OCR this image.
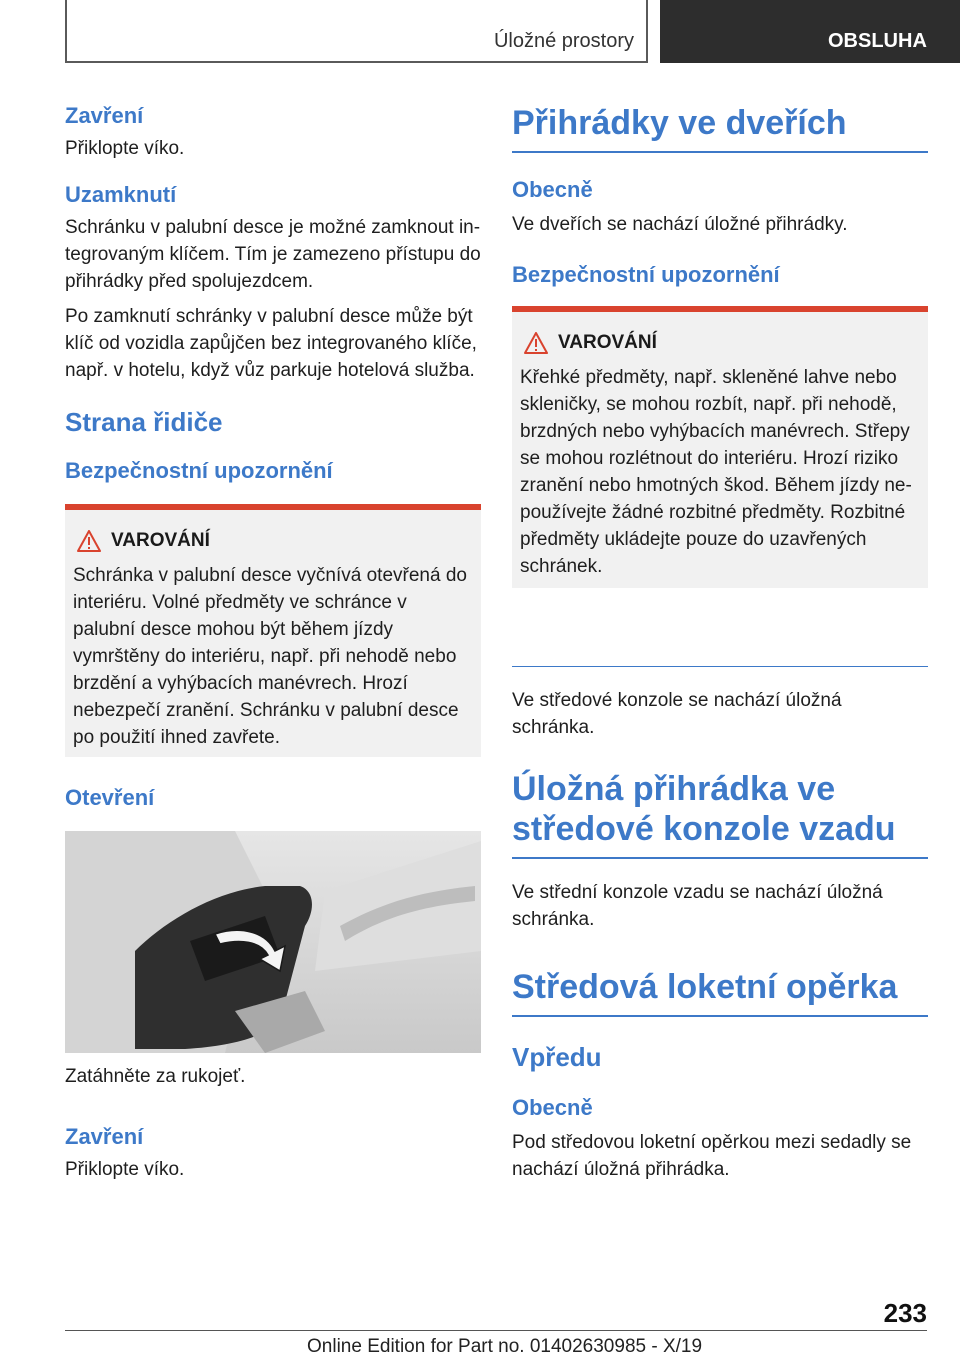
Úložné prostory	OBSLUHA
Zavření

Přiklopte víko.

Uzamknutí

Schránku v palubní desce je možné zamknout integrovaným klíčem. Tím je zamezeno přístupu do přihrádky před spolujezdcem.

Po zamknutí schránky v palubní desce může být klíč od vozidla zapůjčen bez integrovaného klíče, např. v hotelu, když vůz parkuje hotelová služba.

Strana řidiče
Bezpečnostní upozornění
VAROVÁNÍ

Schránka v palubní desce vyčnívá otevřená do interiéru. Volné předměty ve schránce v palubní desce mohou být během jízdy vymrštěny do interiéru, např. při nehodě nebo brzdění a vyhýbacích manévrech. Hrozí nebezpečí zranění. Schránku v palubní desce po použití ihned zavřete.

Otevření

Zatáhněte za rukojeť.

Zavření

Přiklopte víko.

Přihrádky ve dveřích
Obecně

Ve dveřích se nachází úložné přihrádky.

Bezpečnostní upozornění
VAROVÁNÍ

Křehké předměty, např. skleněné lahve nebo skleničky, se mohou rozbít, např. při nehodě, brzdných nebo vyhýbacích manévrech. Střepy se mohou rozlétnout do interiéru. Hrozí riziko zranění nebo hmotných škod. Během jízdy nepoužívejte žádné rozbitné předměty. Rozbitné předměty ukládejte pouze do uzavřených schránek.

Ve středové konzole se nachází úložná schránka.

Úložná přihrádka ve středové konzole vzadu

Ve střední konzole vzadu se nachází úložná schránka.

Středová loketní opěrka
Vpředu
Obecně

Pod středovou loketní opěrkou mezi sedadly se nachází úložná přihrádka.

233
Online Edition for Part no. 01402630985 - X/19
